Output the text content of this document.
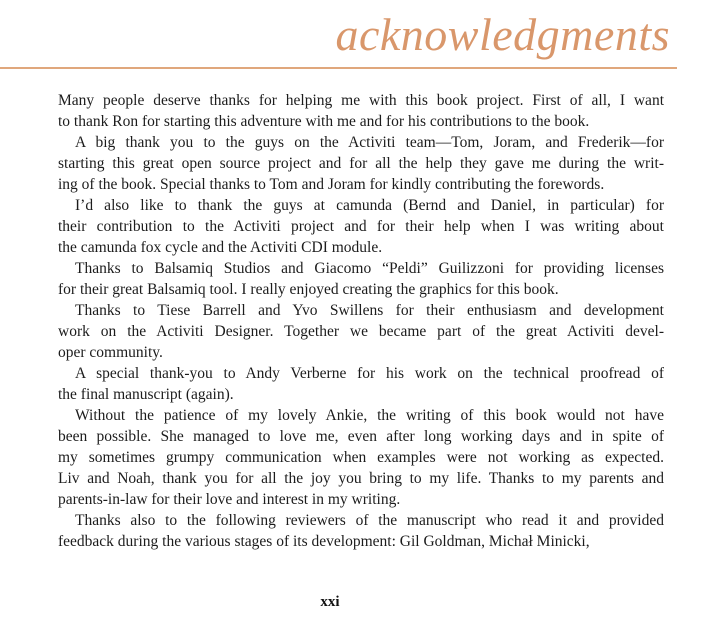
acknowledgments

Many people deserve thanks for helping me with this book project. First of all, I want
to thank Ron for starting this adventure with me and for his contributions to the book.

A big thank you to the guys on the Activiti team—Tom, Joram, and Frederik—for
starting this great open source project and for all the help they gave me during the writ-
ing of the book. Special thanks to Tom and Joram for kindly contributing the forewords.

I’d also like to thank the guys at camunda (Bernd and Daniel, in particular) for
their contribution to the Activiti project and for their help when I was writing about
the camunda fox cycle and the Activiti CDI module.

Thanks to Balsamiq Studios and Giacomo “Peldi” Guilizzoni for providing licenses
for their great Balsamiq tool. I really enjoyed creating the graphics for this book.

Thanks to Tiese Barrell and Yvo Swillens for their enthusiasm and development
work on the Activiti Designer. Together we became part of the great Activiti devel-
oper community.

A special thank-you to Andy Verberne for his work on the technical proofread of
the final manuscript (again).

Without the patience of my lovely Ankie, the writing of this book would not have
been possible. She managed to love me, even after long working days and in spite of
my sometimes grumpy communication when examples were not working as expected.
Liv and Noah, thank you for all the joy you bring to my life. Thanks to my parents and
parents-in-law for their love and interest in my writing.

Thanks also to the following reviewers of the manuscript who read it and provided
feedback during the various stages of its development: Gil Goldman, Michał Minicki,

xxi
